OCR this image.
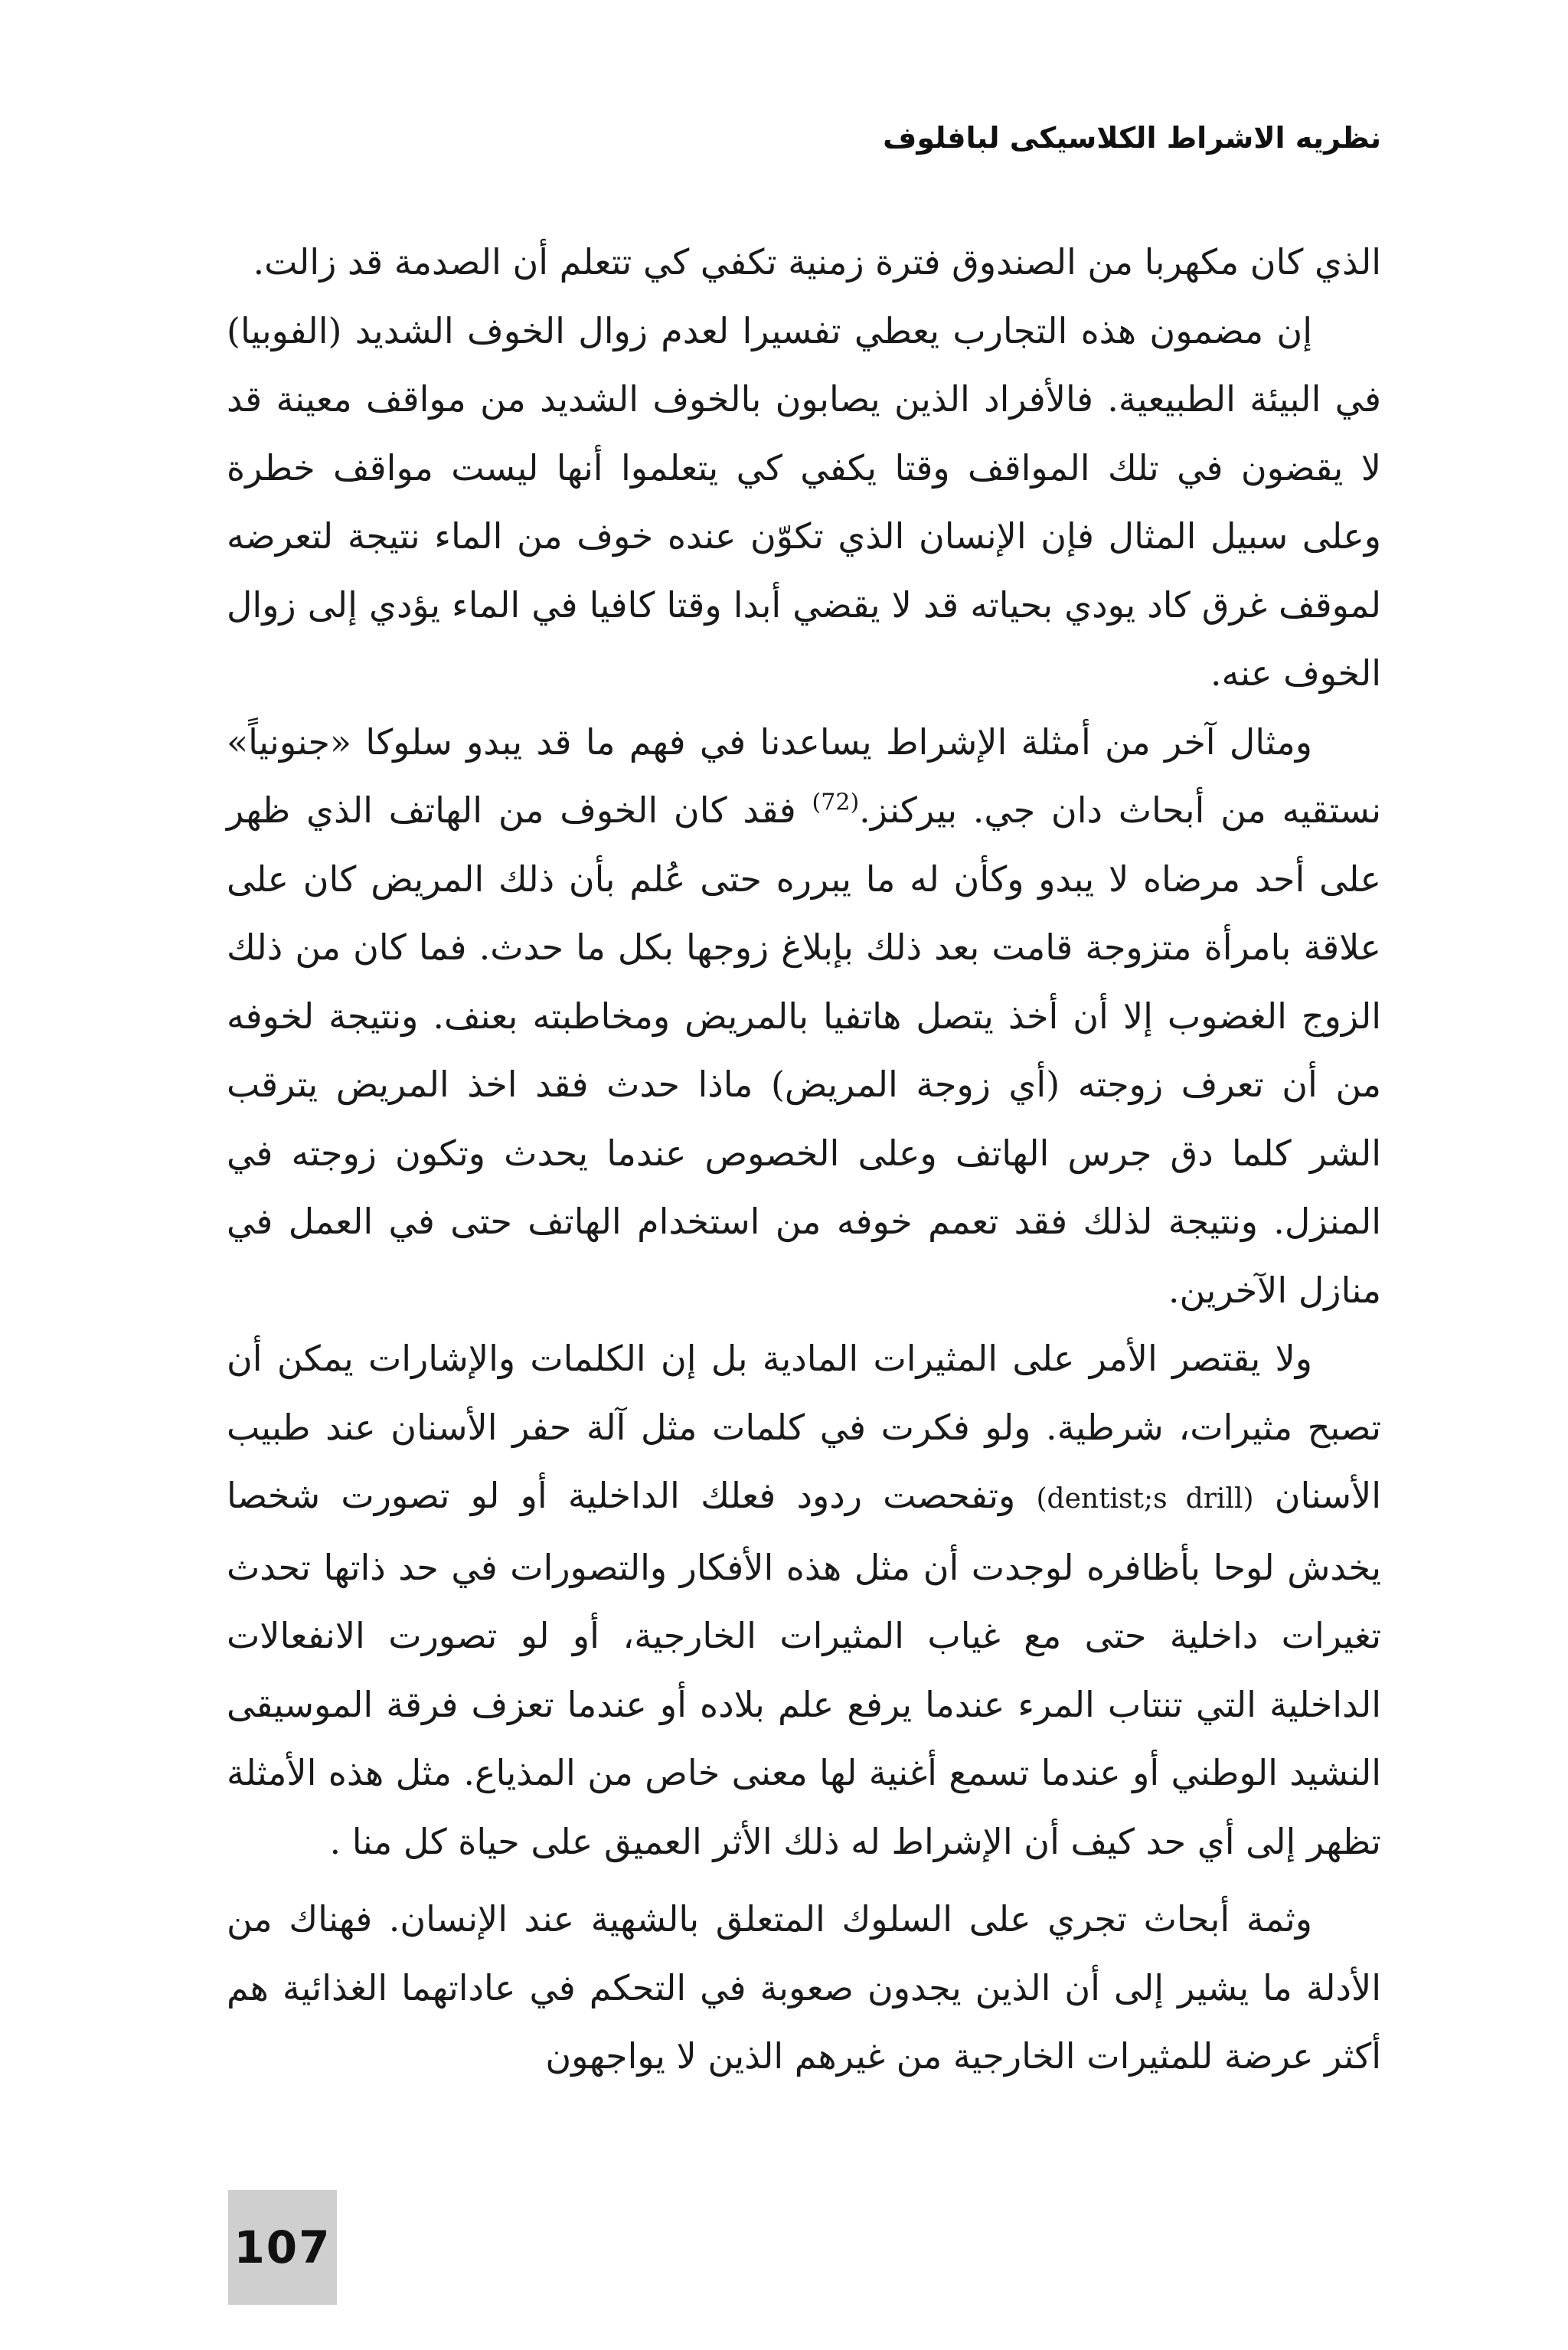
نظريه الاشراط الكلاسيكى لبافلوف

الذي كان مكهربا من الصندوق فترة زمنية تكفي كي تتعلم أن الصدمة قد زالت.

إن مضمون هذه التجارب يعطي تفسيرا لعدم زوال الخوف الشديد (الفوبيا) في البيئة الطبيعية. فالأفراد الذين يصابون بالخوف الشديد من مواقف معينة قد لا يقضون في تلك المواقف وقتا يكفي كي يتعلموا أنها ليست مواقف خطرة وعلى سبيل المثال فإن الإنسان الذي تكوّن عنده خوف من الماء نتيجة لتعرضه لموقف غرق كاد يودي بحياته قد لا يقضي أبدا وقتا كافيا في الماء يؤدي إلى زوال الخوف عنه.

ومثال آخر من أمثلة الإشراط يساعدنا في فهم ما قد يبدو سلوكا «جنونياً» نستقيه من أبحاث دان جي. بيركنز.$^{(72)}$ فقد كان الخوف من الهاتف الذي ظهر على أحد مرضاه لا يبدو وكأن له ما يبرره حتى عُلم بأن ذلك المريض كان على علاقة بامرأة متزوجة قامت بعد ذلك بإبلاغ زوجها بكل ما حدث. فما كان من ذلك الزوج الغضوب إلا أن أخذ يتصل هاتفيا بالمريض ومخاطبته بعنف. ونتيجة لخوفه من أن تعرف زوجته (أي زوجة المريض) ماذا حدث فقد اخذ المريض يترقب الشر كلما دق جرس الهاتف وعلى الخصوص عندما يحدث وتكون زوجته في المنزل. ونتيجة لذلك فقد تعمم خوفه من استخدام الهاتف حتى في العمل في منازل الآخرين.

ولا يقتصر الأمر على المثيرات المادية بل إن الكلمات والإشارات يمكن أن تصبح مثيرات، شرطية. ولو فكرت في كلمات مثل آلة حفر الأسنان عند طبيب الأسنان (dentist;s drill) وتفحصت ردود فعلك الداخلية أو لو تصورت شخصا يخدش لوحا بأظافره لوجدت أن مثل هذه الأفكار والتصورات في حد ذاتها تحدث تغيرات داخلية حتى مع غياب المثيرات الخارجية، أو لو تصورت الانفعالات الداخلية التي تنتاب المرء عندما يرفع علم بلاده أو عندما تعزف فرقة الموسيقى النشيد الوطني أو عندما تسمع أغنية لها معنى خاص من المذياع. مثل هذه الأمثلة تظهر إلى أي حد كيف أن الإشراط له ذلك الأثر العميق على حياة كل منا .

وثمة أبحاث تجري على السلوك المتعلق بالشهية عند الإنسان. فهناك من الأدلة ما يشير إلى أن الذين يجدون صعوبة في التحكم في عاداتهما الغذائية هم أكثر عرضة للمثيرات الخارجية من غيرهم الذين لا يواجهون

107
